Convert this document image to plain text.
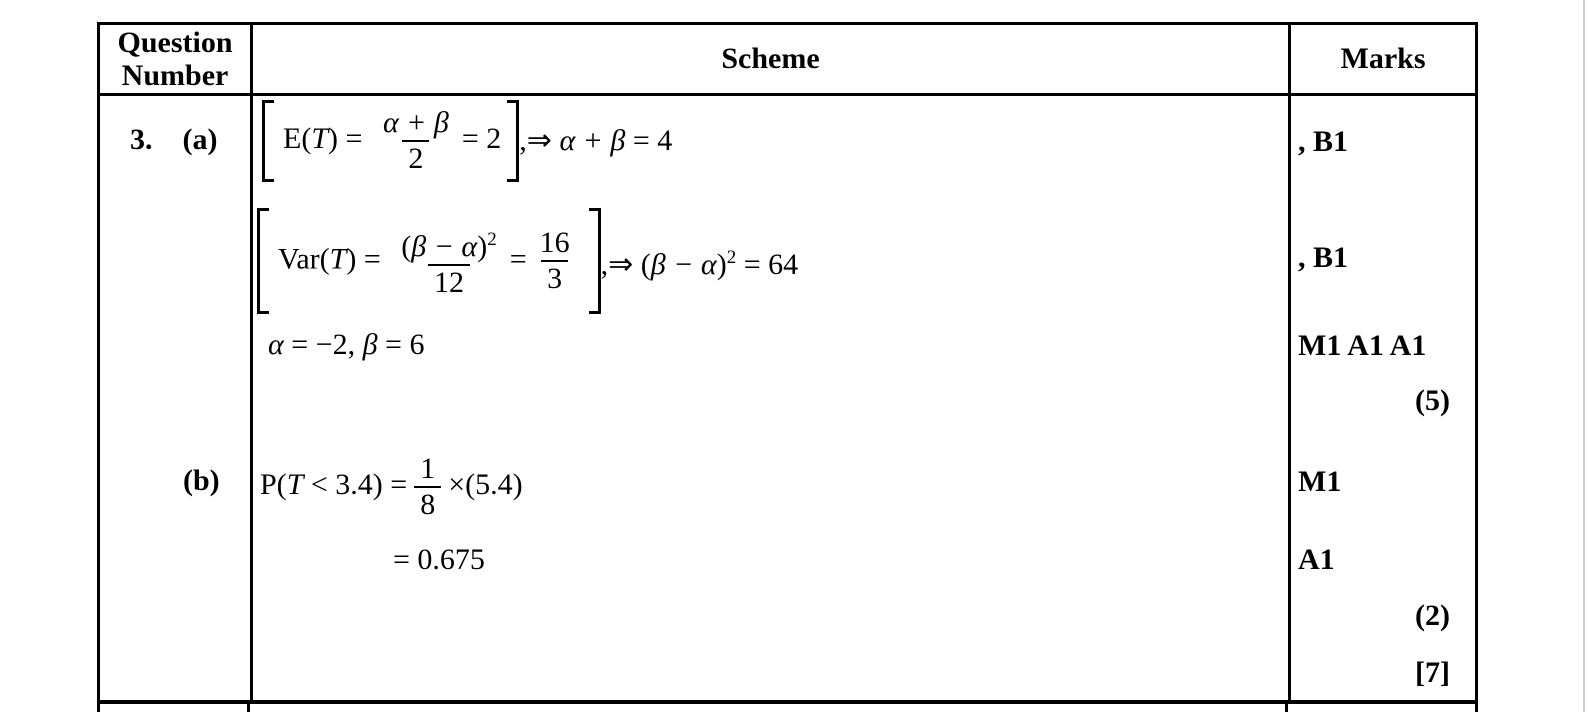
Question
Number
Scheme	Marks
3. (a)
(b)
$E(T) = \frac{\alpha + \beta}{2} = 2$ ,⇒ α + β = 4
$Var(T) = \frac{(\beta - \alpha)^2}{12} = \frac{16}{3}$ ,⇒ $(\beta - \alpha)^2 = 64$
α = −2, β = 6
$P(T < 3.4) = \frac{1}{8} \times(5.4)$
= 0.675
, B1
, B1
M1 A1 A1
(5)
M1
A1
(2)
[7]
